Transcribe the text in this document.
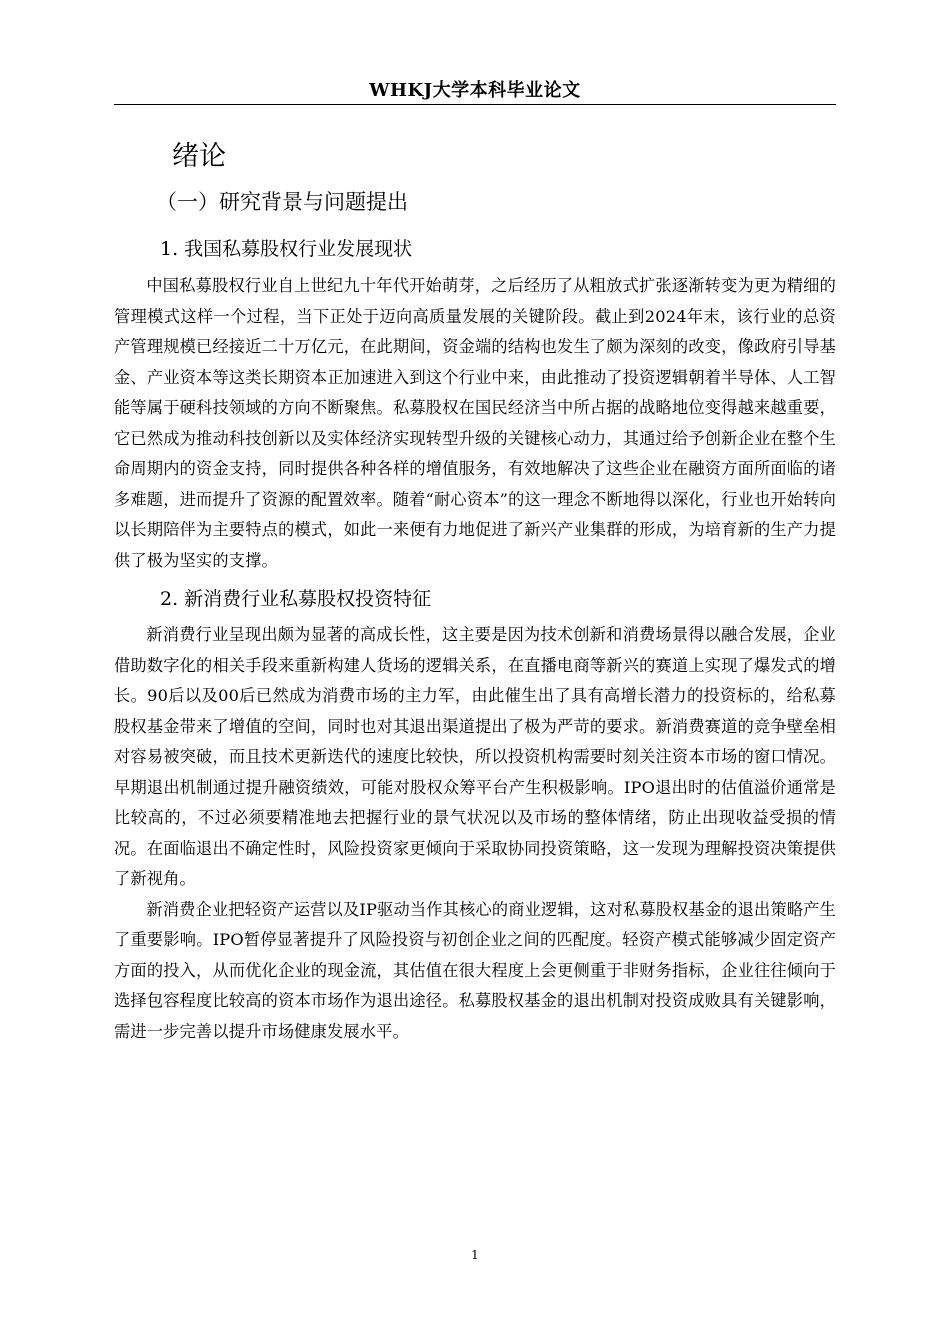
WHKJ大学本科毕业论文
绪论
（一）研究背景与问题提出
1. 我国私募股权行业发展现状

中国私募股权行业自上世纪九十年代开始萌芽，之后经历了从粗放式扩张逐渐转变为更为精细的管理模式这样一个过程，当下正处于迈向高质量发展的关键阶段。截止到2024年末，该行业的总资产管理规模已经接近二十万亿元，在此期间，资金端的结构也发生了颇为深刻的改变，像政府引导基金、产业资本等这类长期资本正加速进入到这个行业中来，由此推动了投资逻辑朝着半导体、人工智能等属于硬科技领域的方向不断聚焦。私募股权在国民经济当中所占据的战略地位变得越来越重要，它已然成为推动科技创新以及实体经济实现转型升级的关键核心动力，其通过给予创新企业在整个生命周期内的资金支持，同时提供各种各样的增值服务，有效地解决了这些企业在融资方面所面临的诸多难题，进而提升了资源的配置效率。随着“耐心资本”的这一理念不断地得以深化，行业也开始转向以长期陪伴为主要特点的模式，如此一来便有力地促进了新兴产业集群的形成，为培育新的生产力提供了极为坚实的支撑。

2. 新消费行业私募股权投资特征

新消费行业呈现出颇为显著的高成长性，这主要是因为技术创新和消费场景得以融合发展，企业借助数字化的相关手段来重新构建人货场的逻辑关系，在直播电商等新兴的赛道上实现了爆发式的增长。90后以及00后已然成为消费市场的主力军，由此催生出了具有高增长潜力的投资标的，给私募股权基金带来了增值的空间，同时也对其退出渠道提出了极为严苛的要求。新消费赛道的竞争壁垒相对容易被突破，而且技术更新迭代的速度比较快，所以投资机构需要时刻关注资本市场的窗口情况。早期退出机制通过提升融资绩效，可能对股权众筹平台产生积极影响。IPO退出时的估值溢价通常是比较高的，不过必须要精准地去把握行业的景气状况以及市场的整体情绪，防止出现收益受损的情况。在面临退出不确定性时，风险投资家更倾向于采取协同投资策略，这一发现为理解投资决策提供了新视角。

新消费企业把轻资产运营以及IP驱动当作其核心的商业逻辑，这对私募股权基金的退出策略产生了重要影响。IPO暂停显著提升了风险投资与初创企业之间的匹配度。轻资产模式能够减少固定资产方面的投入，从而优化企业的现金流，其估值在很大程度上会更侧重于非财务指标，企业往往倾向于选择包容程度比较高的资本市场作为退出途径。私募股权基金的退出机制对投资成败具有关键影响，需进一步完善以提升市场健康发展水平。

1
